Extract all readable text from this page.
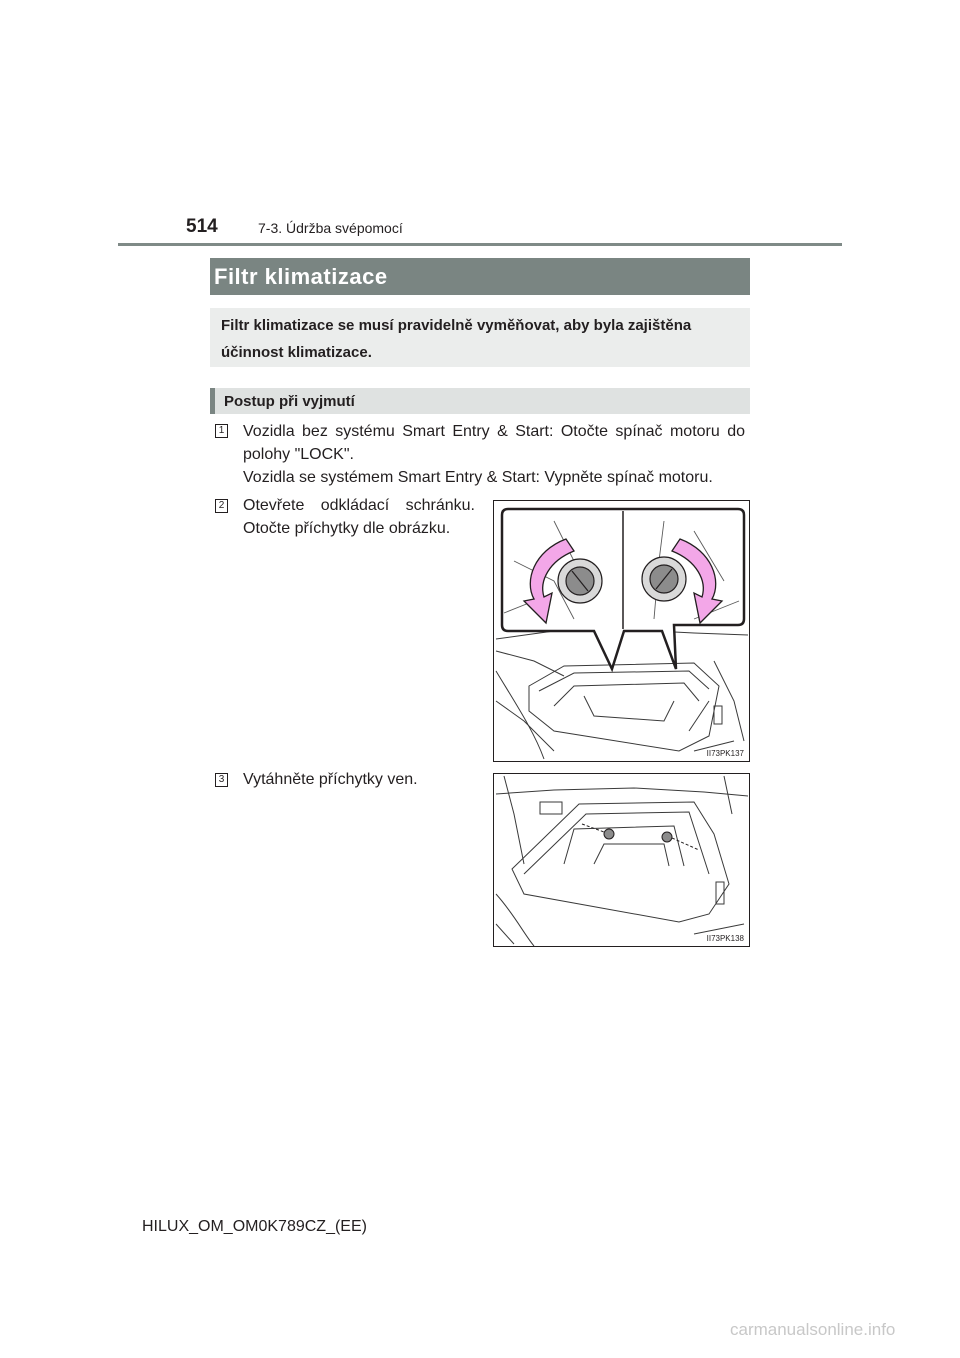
514	7-3. Údržba svépomocí
Filtr klimatizace
Filtr klimatizace se musí pravidelně vyměňovat, aby byla zajištěna účinnost klimatizace.
Postup při vyjmutí
1 Vozidla bez systému Smart Entry & Start: Otočte spínač motoru do
polohy "LOCK".
Vozidla se systémem Smart Entry & Start: Vypněte spínač motoru.
2 Otevřete odkládací schránku.
Otočte příchytky dle obrázku.
II73PK137
3 Vytáhněte příchytky ven.
II73PK138
HILUX_OM_OM0K789CZ_(EE)
carmanualsonline.info
